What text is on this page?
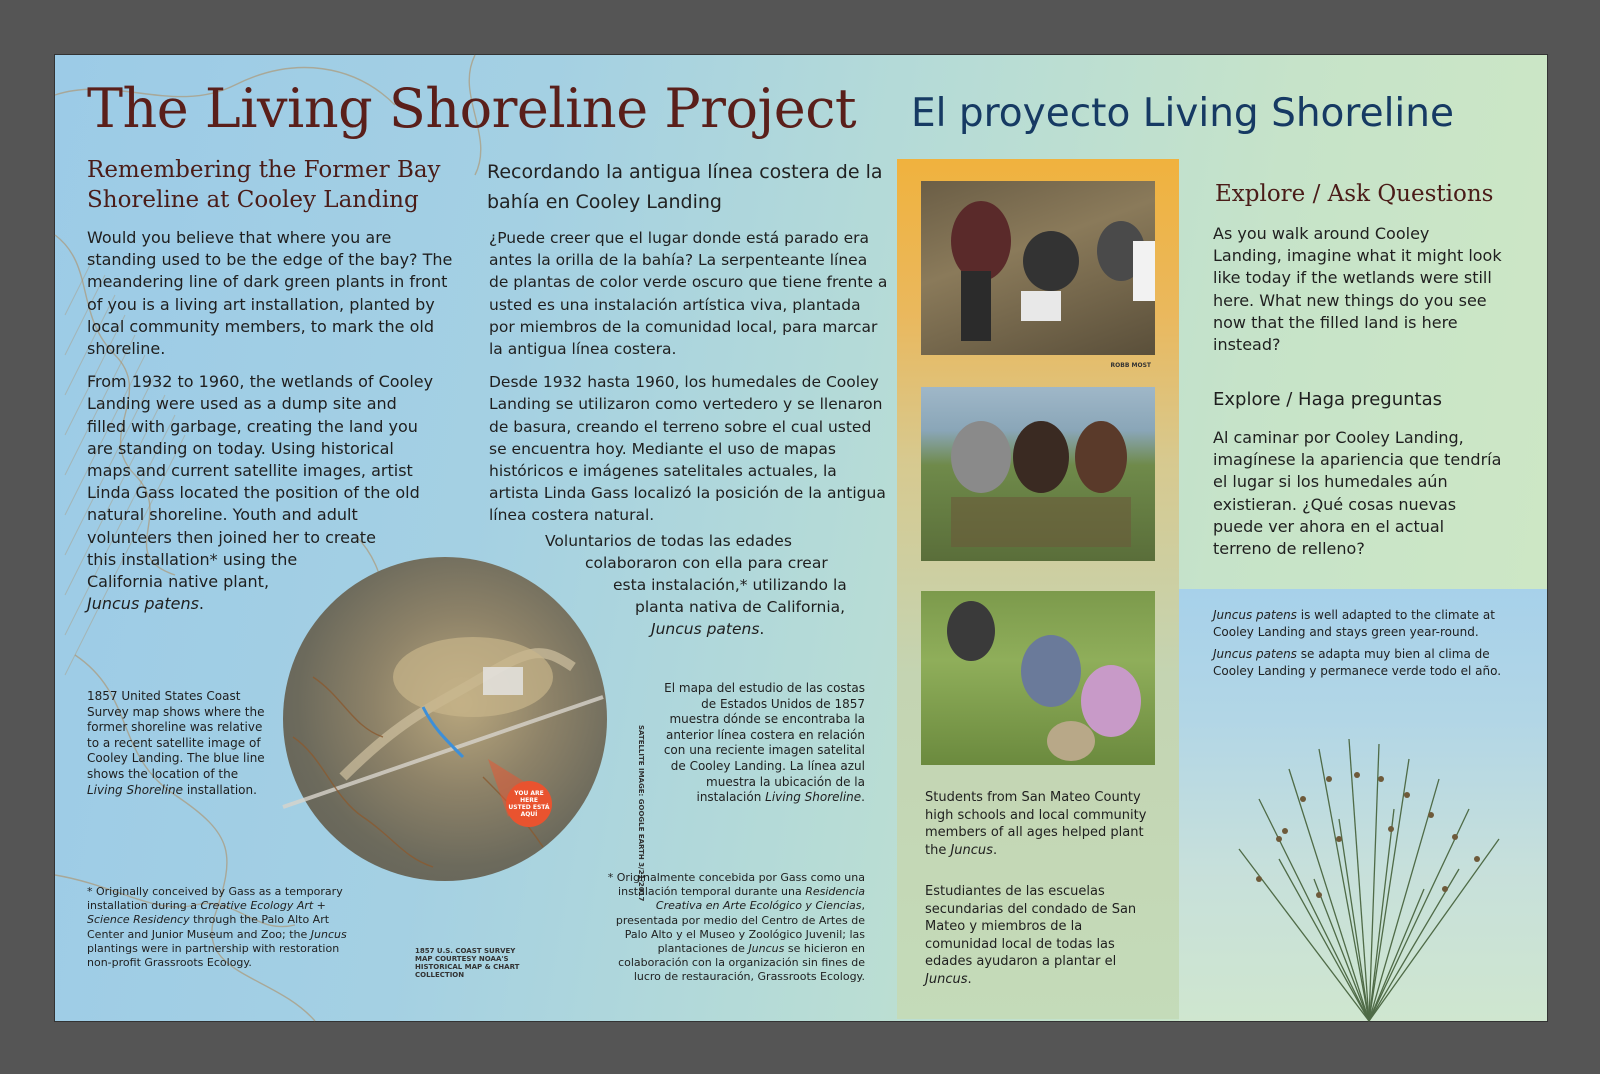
The Living Shoreline Project El proyecto Living Shoreline
Remembering the Former Bay Shoreline at Cooley Landing
Recordando la antigua línea costera de la bahía en Cooley Landing

Would you believe that where you are standing used to be the edge of the bay? The meandering line of dark green plants in front of you is a living art installation, planted by local community members, to mark the old shoreline.

From 1932 to 1960, the wetlands of Cooley
Landing were used as a dump site and
filled with garbage, creating the land you
are standing on today. Using historical
maps and current satellite images, artist
Linda Gass located the position of the old
natural shoreline. Youth and adult
volunteers then joined her to create
this installation* using the
California native plant,
Juncus patens.

¿Puede creer que el lugar donde está parado era antes la orilla de la bahía? La serpenteante línea de plantas de color verde oscuro que tiene frente a usted es una instalación artística viva, plantada por miembros de la comunidad local, para marcar la antigua línea costera.

Desde 1932 hasta 1960, los humedales de Cooley Landing se utilizaron como vertedero y se llenaron de basura, creando el terreno sobre el cual usted se encuentra hoy. Mediante el uso de mapas históricos e imágenes satelitales actuales, la artista Linda Gass localizó la posición de la antigua línea costera natural.

Voluntarios de todas las edades
colaboraron con ella para crear
esta instalación,* utilizando la
planta nativa de California,
Juncus patens.

YOU ARE HERE
USTED ESTÁ AQUÍ	SATELLITE IMAGE: GOOGLE EARTH 3/21/2017
1857 U.S. COAST SURVEY MAP COURTESY NOAA'S HISTORICAL MAP & CHART COLLECTION
1857 United States Coast Survey map shows where the former shoreline was relative to a recent satellite image of Cooley Landing. The blue line shows the location of the Living Shoreline installation.
El mapa del estudio de las costas de Estados Unidos de 1857 muestra dónde se encontraba la anterior línea costera en relación con una reciente imagen satelital de Cooley Landing. La línea azul muestra la ubicación de la instalación Living Shoreline.
* Originally conceived by Gass as a temporary installation during a Creative Ecology Art + Science Residency through the Palo Alto Art Center and Junior Museum and Zoo; the Juncus plantings were in partnership with restoration non-profit Grassroots Ecology.
* Originalmente concebida por Gass como una instalación temporal durante una Residencia Creativa en Arte Ecológico y Ciencias, presentada por medio del Centro de Artes de Palo Alto y el Museo y Zoológico Juvenil; las plantaciones de Juncus se hicieron en colaboración con la organización sin fines de lucro de restauración, Grassroots Ecology.
ROBB MOST
Students from San Mateo County high schools and local community members of all ages helped plant the Juncus.
Estudiantes de las escuelas secundarias del condado de San Mateo y miembros de la comunidad local de todas las edades ayudaron a plantar el Juncus.
Explore / Ask Questions
As you walk around Cooley Landing, imagine what it might look like today if the wetlands were still here. What new things do you see now that the filled land is here instead?
Explore / Haga preguntas
Al caminar por Cooley Landing, imagínese la apariencia que tendría el lugar si los humedales aún existieran. ¿Qué cosas nuevas puede ver ahora en el actual terreno de relleno?

Juncus patens is well adapted to the climate at Cooley Landing and stays green year-round.

Juncus patens se adapta muy bien al clima de Cooley Landing y permanece verde todo el año.
